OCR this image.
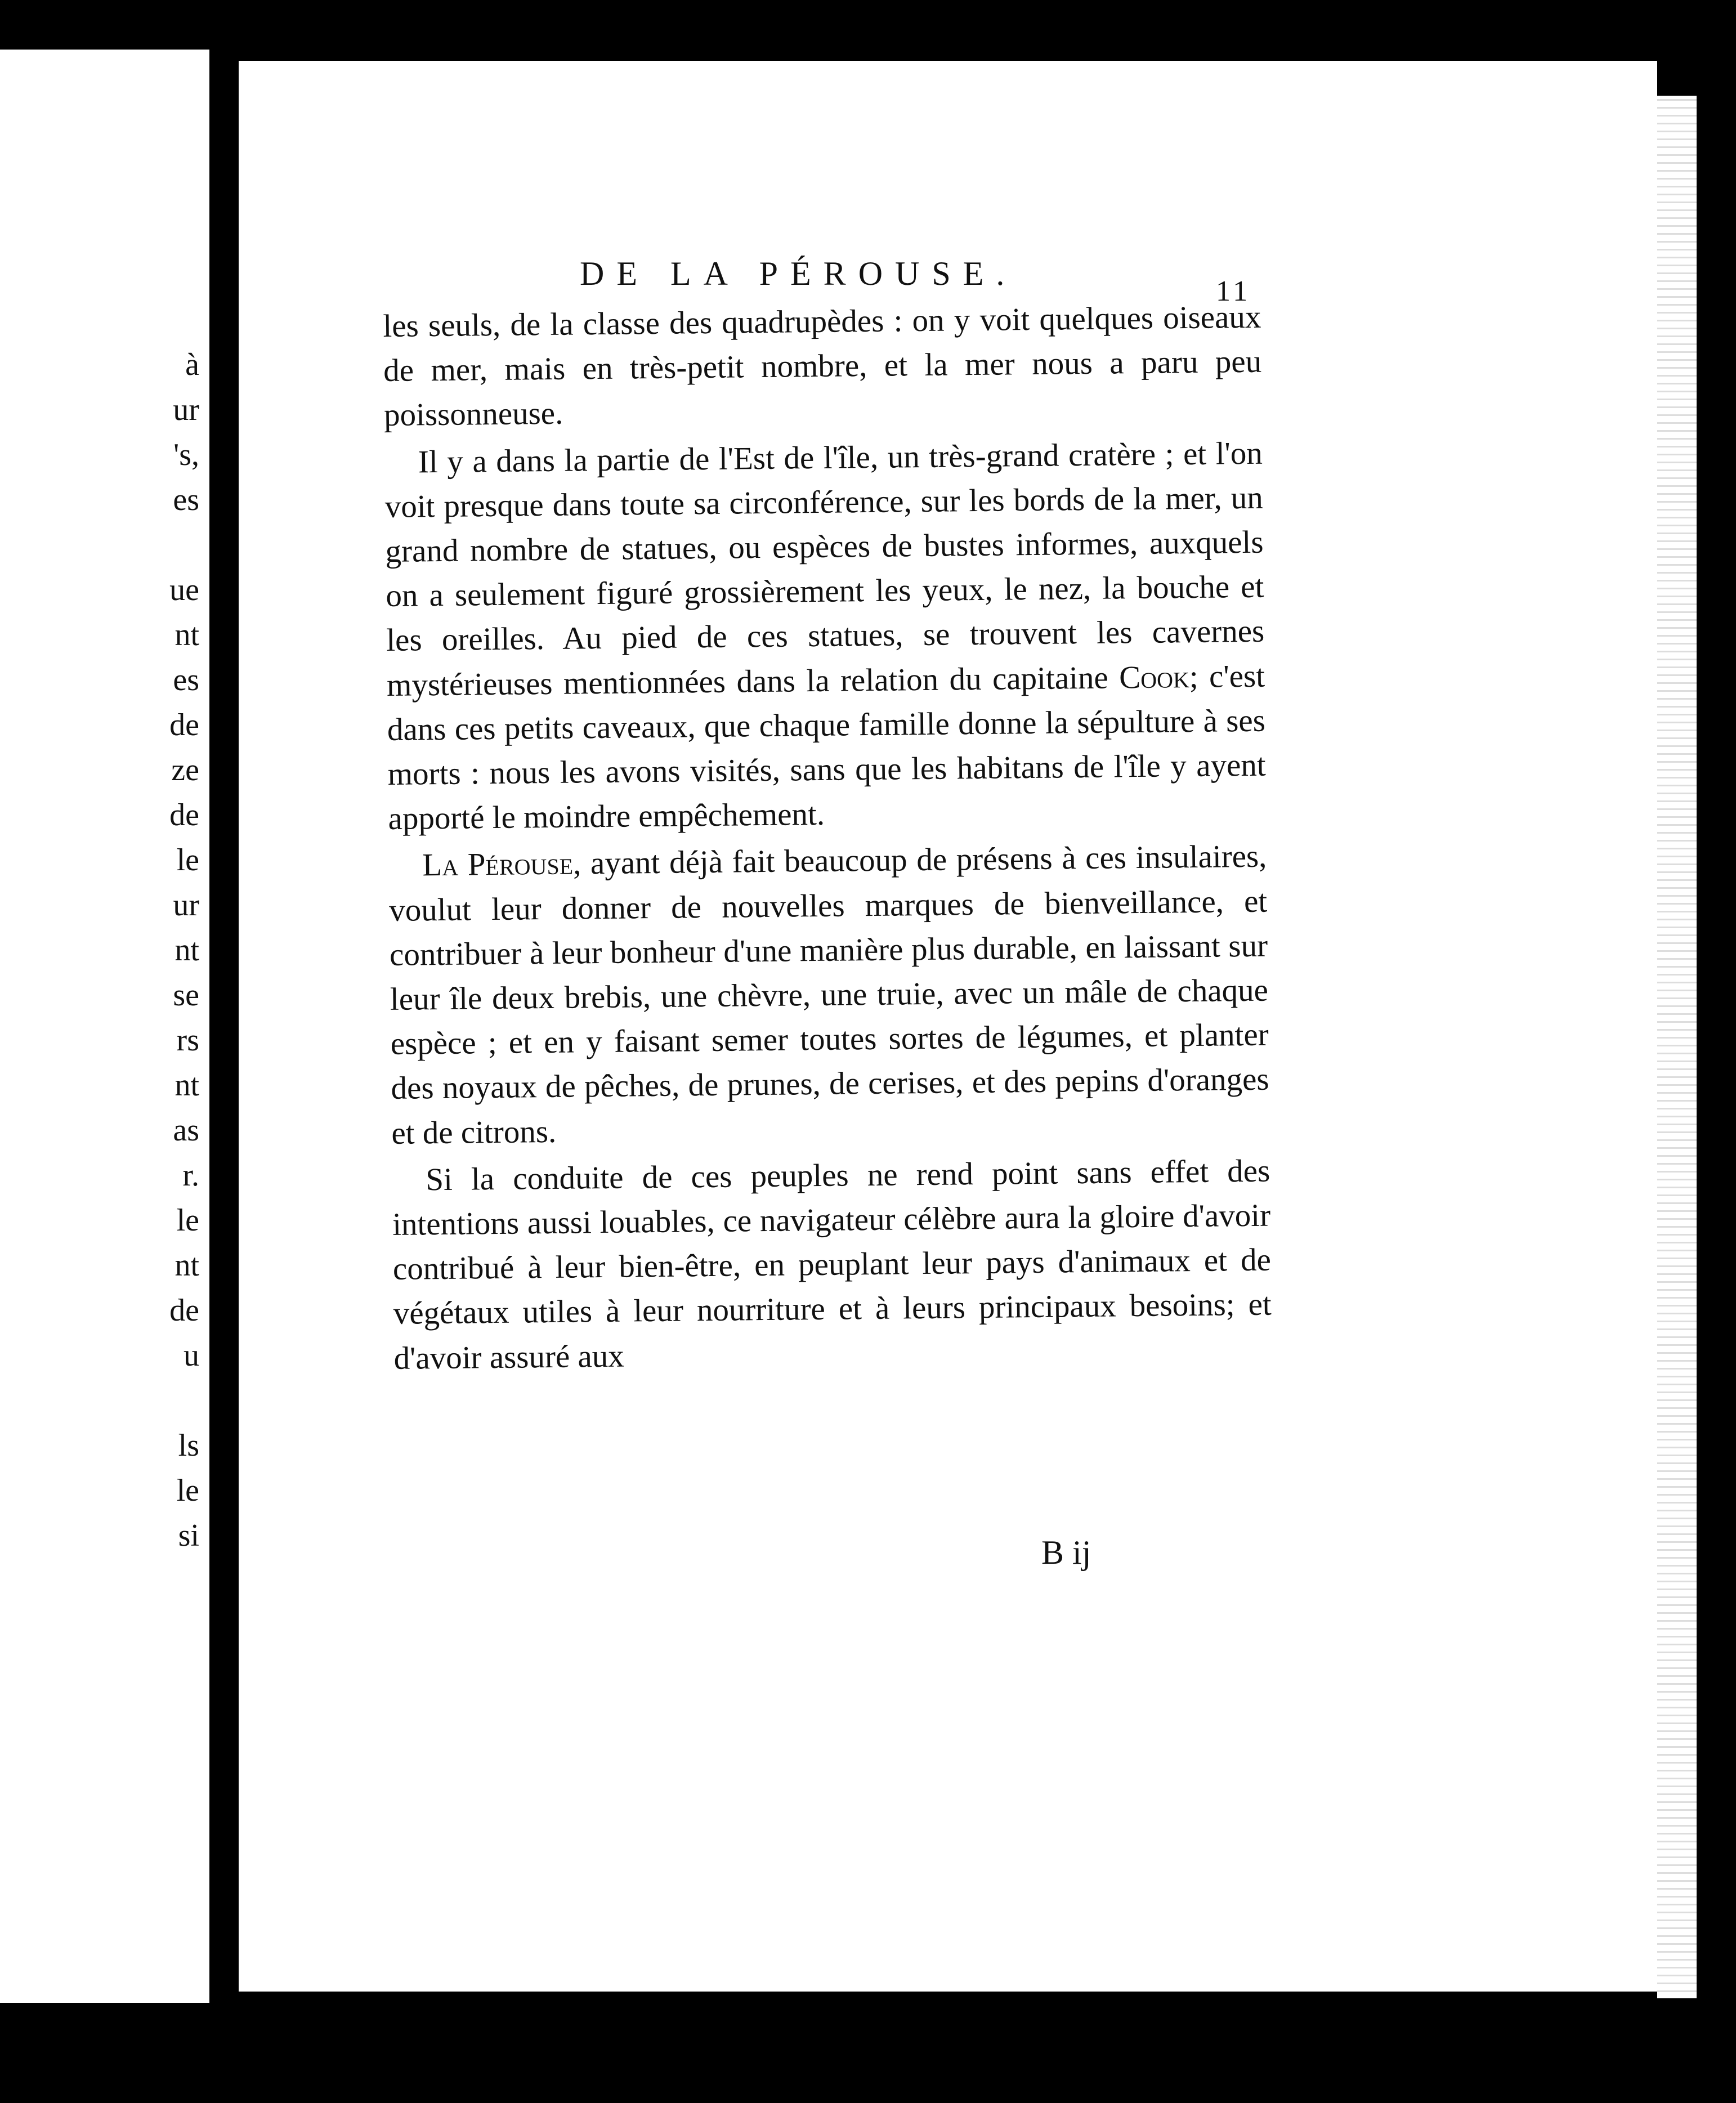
à
ur
's,
es
ue
nt
es
de
ze
de
le
ur
nt
se
rs
nt
as
r.
le
nt
de
u
ls
le
si
DE LA PÉROUSE.	11

les seuls, de la classe des quadrupèdes : on y voit quelques oiseaux de mer, mais en très-petit nombre, et la mer nous a paru peu poissonneuse.

Il y a dans la partie de l'Est de l'île, un très-grand cratère ; et l'on voit presque dans toute sa circonférence, sur les bords de la mer, un grand nombre de statues, ou espèces de bustes informes, auxquels on a seulement figuré grossièrement les yeux, le nez, la bouche et les oreilles. Au pied de ces statues, se trouvent les cavernes mystérieuses mentionnées dans la relation du capitaine Cook; c'est dans ces petits caveaux, que chaque famille donne la sépulture à ses morts : nous les avons visités, sans que les habitans de l'île y ayent apporté le moindre empêchement.

La Pérouse, ayant déjà fait beaucoup de présens à ces insulaires, voulut leur donner de nouvelles marques de bienveillance, et contribuer à leur bonheur d'une manière plus durable, en laissant sur leur île deux brebis, une chèvre, une truie, avec un mâle de chaque espèce ; et en y faisant semer toutes sortes de légumes, et planter des noyaux de pêches, de prunes, de cerises, et des pepins d'oranges et de citrons.

Si la conduite de ces peuples ne rend point sans effet des intentions aussi louables, ce navigateur célèbre aura la gloire d'avoir contribué à leur bien-être, en peuplant leur pays d'animaux et de végétaux utiles à leur nourriture et à leurs principaux besoins; et d'avoir assuré aux

B ij
